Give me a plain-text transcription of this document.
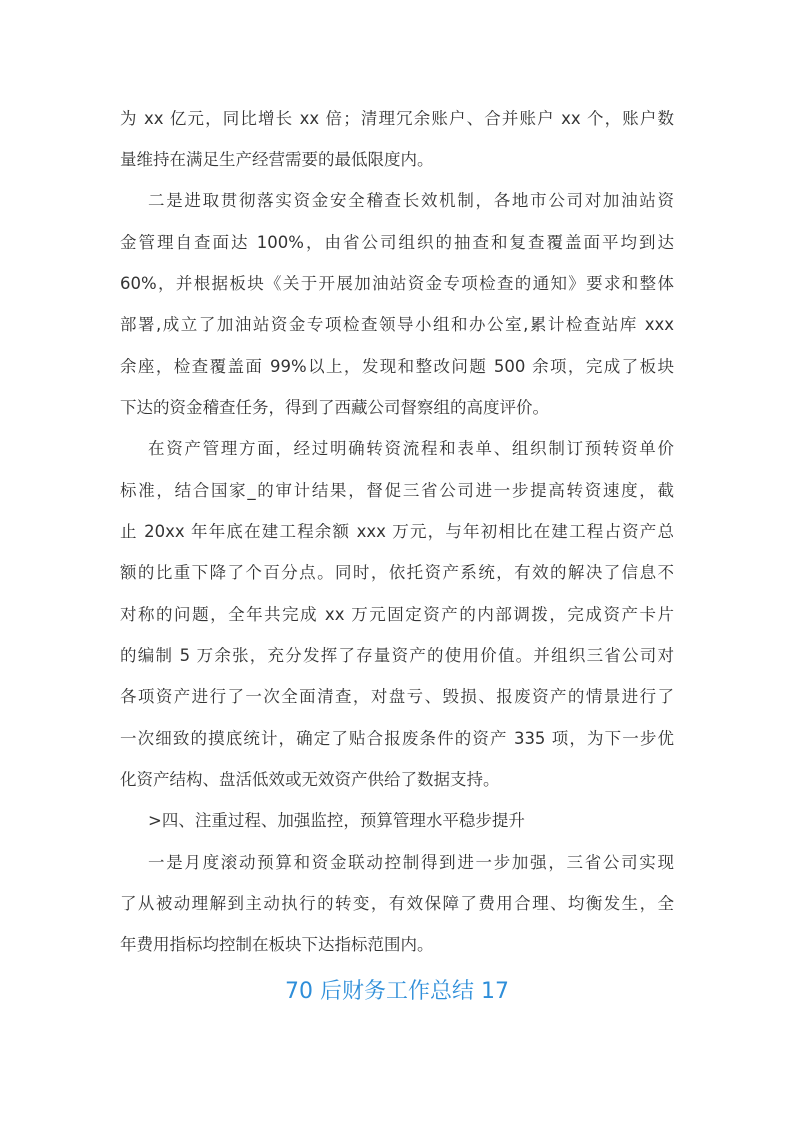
为 xx 亿元，同比增长 xx 倍；清理冗余账户、合并账户 xx 个，账户数
量维持在满足生产经营需要的最低限度内。
二是进取贯彻落实资金安全稽查长效机制，各地市公司对加油站资
金管理自查面达 100%，由省公司组织的抽查和复查覆盖面平均到达
60%，并根据板块《关于开展加油站资金专项检查的通知》要求和整体
部署,成立了加油站资金专项检查领导小组和办公室,累计检查站库 xxx
余座，检查覆盖面 99%以上，发现和整改问题 500 余项，完成了板块
下达的资金稽查任务，得到了西藏公司督察组的高度评价。
在资产管理方面，经过明确转资流程和表单、组织制订预转资单价
标准，结合国家_的审计结果，督促三省公司进一步提高转资速度，截
止 20xx 年年底在建工程余额 xxx 万元，与年初相比在建工程占资产总
额的比重下降了个百分点。同时，依托资产系统，有效的解决了信息不
对称的问题，全年共完成 xx 万元固定资产的内部调拨，完成资产卡片
的编制 5 万余张，充分发挥了存量资产的使用价值。并组织三省公司对
各项资产进行了一次全面清查，对盘亏、毁损、报废资产的情景进行了
一次细致的摸底统计，确定了贴合报废条件的资产 335 项，为下一步优
化资产结构、盘活低效或无效资产供给了数据支持。
>四、注重过程、加强监控，预算管理水平稳步提升
一是月度滚动预算和资金联动控制得到进一步加强，三省公司实现
了从被动理解到主动执行的转变，有效保障了费用合理、均衡发生，全
年费用指标均控制在板块下达指标范围内。
70 后财务工作总结 17
